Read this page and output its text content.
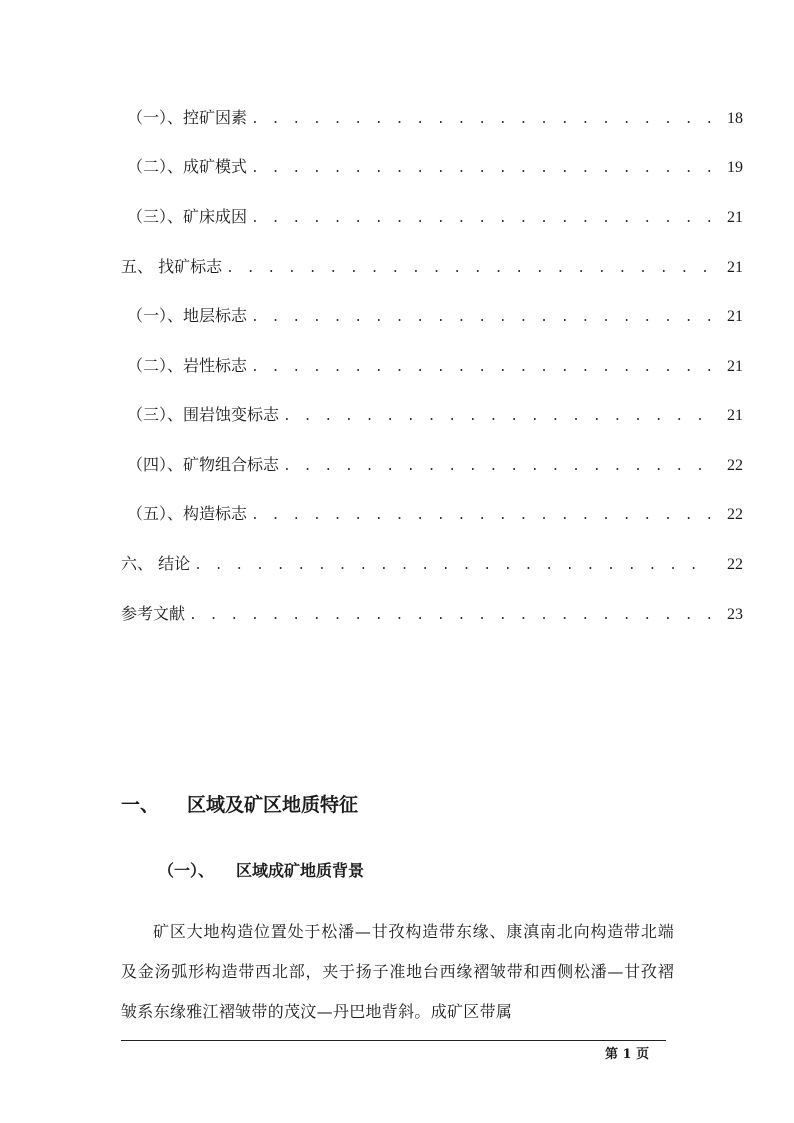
（一）、控矿因素 . . .	18
（二）、成矿模式 . . .	19
（三）、矿床成因 . . .	21
五、 找矿标志 . . .	21
（一）、地层标志 . . .	21
（二）、岩性标志 . . .	21
（三）、围岩蚀变标志 . . .	21
（四）、矿物组合标志 . . .	22
（五）、构造标志 . . .	22
六、 结论 . . .	22
参考文献 . . .	23
一、 区域及矿区地质特征
（一）、 区域成矿地质背景
矿区大地构造位置处于松潘—甘孜构造带东缘、康滇南北向构造带北端及金汤弧形构造带西北部，夹于扬子准地台西缘褶皱带和西侧松潘—甘孜褶皱系东缘雅江褶皱带的茂汶—丹巴地背斜。成矿区带属
第 1 页
